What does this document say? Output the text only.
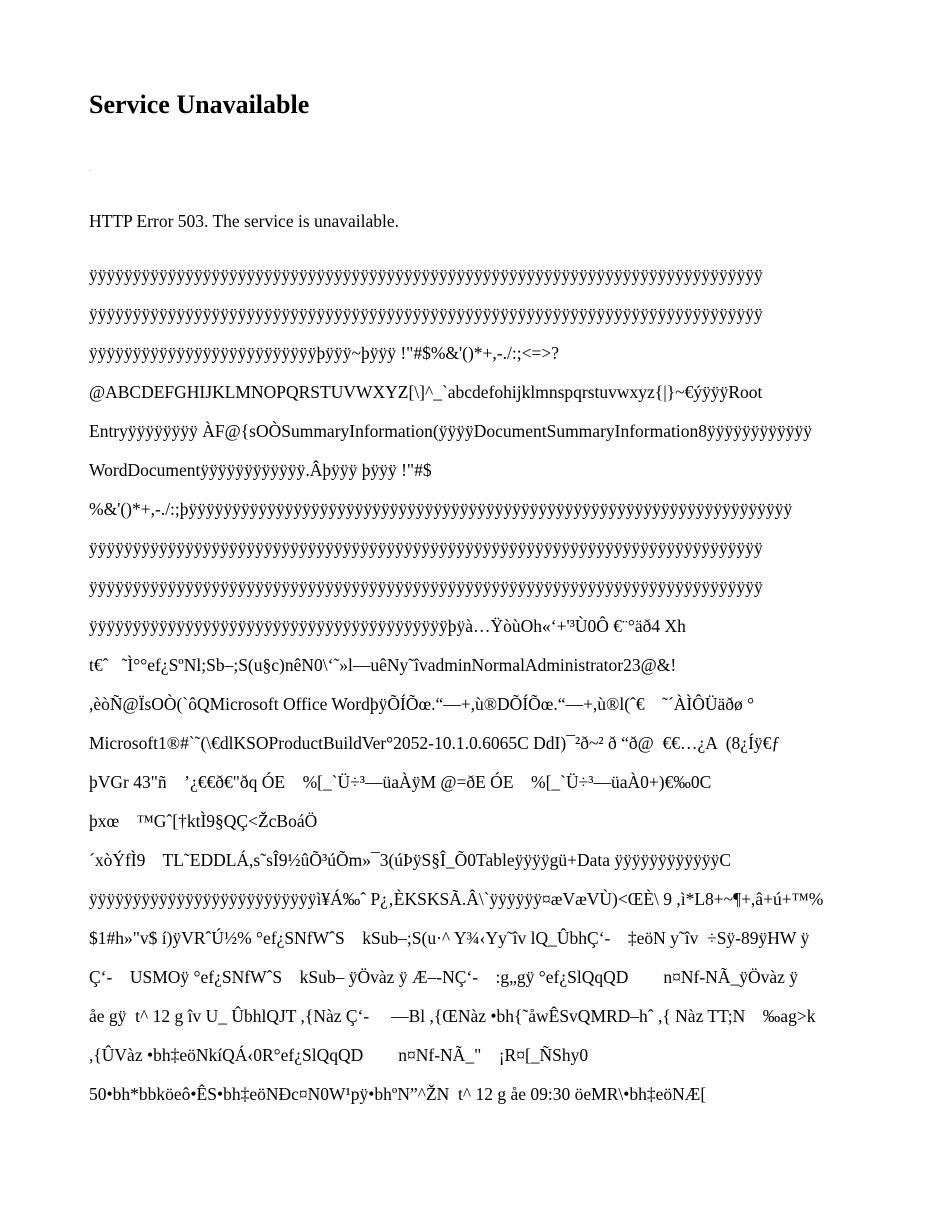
Service Unavailable

HTTP Error 503. The service is unavailable.

ÿÿÿÿÿÿÿÿÿÿÿÿÿÿÿÿÿÿÿÿÿÿÿÿÿÿÿÿÿÿÿÿÿÿÿÿÿÿÿÿÿÿÿÿÿÿÿÿÿÿÿÿÿÿÿÿÿÿÿÿÿÿÿÿÿÿÿÿÿÿÿÿÿÿÿÿÿ
ÿÿÿÿÿÿÿÿÿÿÿÿÿÿÿÿÿÿÿÿÿÿÿÿÿÿÿÿÿÿÿÿÿÿÿÿÿÿÿÿÿÿÿÿÿÿÿÿÿÿÿÿÿÿÿÿÿÿÿÿÿÿÿÿÿÿÿÿÿÿÿÿÿÿÿÿÿ
ÿÿÿÿÿÿÿÿÿÿÿÿÿÿÿÿÿÿÿÿÿÿÿÿÿÿþÿÿÿ~þÿÿÿ !"#$%&'()*+,-./:;<=>?
@ABCDEFGHIJKLMNOPQRSTUVWXYZ[\]^_`abcdefohijklmnspqrstuvwxyz{|}~€ýÿÿÿRoot
Entryÿÿÿÿÿÿÿÿ ÀF@{sOÒSummaryInformation(ÿÿÿÿDocumentSummaryInformation8ÿÿÿÿÿÿÿÿÿÿÿÿ
WordDocumentÿÿÿÿÿÿÿÿÿÿÿÿ.Âþÿÿÿ þÿÿÿ !"#$
%&'()*+,-./:;þÿÿÿÿÿÿÿÿÿÿÿÿÿÿÿÿÿÿÿÿÿÿÿÿÿÿÿÿÿÿÿÿÿÿÿÿÿÿÿÿÿÿÿÿÿÿÿÿÿÿÿÿÿÿÿÿÿÿÿÿÿÿÿÿÿÿÿÿÿ
ÿÿÿÿÿÿÿÿÿÿÿÿÿÿÿÿÿÿÿÿÿÿÿÿÿÿÿÿÿÿÿÿÿÿÿÿÿÿÿÿÿÿÿÿÿÿÿÿÿÿÿÿÿÿÿÿÿÿÿÿÿÿÿÿÿÿÿÿÿÿÿÿÿÿÿÿÿ
ÿÿÿÿÿÿÿÿÿÿÿÿÿÿÿÿÿÿÿÿÿÿÿÿÿÿÿÿÿÿÿÿÿÿÿÿÿÿÿÿÿÿÿÿÿÿÿÿÿÿÿÿÿÿÿÿÿÿÿÿÿÿÿÿÿÿÿÿÿÿÿÿÿÿÿÿÿ
ÿÿÿÿÿÿÿÿÿÿÿÿÿÿÿÿÿÿÿÿÿÿÿÿÿÿÿÿÿÿÿÿÿÿÿÿÿÿÿÿÿþÿà…ŸòùOh«‘+'³Ù0Ô €¨°äð4 Xh
t€ˆ   ˜Ì°°ef¿SºNl;Sb–;S(u§c)nêN0\‘˜»l—uêNy˜îvadminNormalAdministrator23@&!
,èòÑ@ÏsOÒ(`ôQMicrosoft Office WordþÿÕÍÕœ.“—+,ù®DÕÍÕœ.“—+,ù®l(ˆ€    ˜´ÀÌÔÜäðø °
Microsoft1®#`˜(\€dlKSOProductBuildVer°2052-10.1.0.6065C DdI)¯²ð~² ð “ð@  €€…¿A  (8¿Íÿ€ƒ
þVGr 43"ñ    ’¿€€ð€"ðq ÓE    %[_`Ü÷³—üaÀÿM @=ðE ÓE    %[_`Ü÷³—üaÀ0+)€‰0C
þxœ    ™Gˆ[†ktÌ9§QÇ<ŽcBoáÖ
´xòÝfÌ9    TL˜EDDLÁ,s˜sÎ9½ûÕ³úÕm»¯3(úÞÿS§Î_Õ0Tableÿÿÿÿgü+Data ÿÿÿÿÿÿÿÿÿÿÿÿC
ÿÿÿÿÿÿÿÿÿÿÿÿÿÿÿÿÿÿÿÿÿÿÿÿÿÿì¥Á‰ˆ P¿‚ÈKSKSÃ.Â\`ÿÿÿÿÿÿ¤æVæVÙ)<ŒÈ\ 9 ,ì*L8+~¶+,â+ú+™%
$1#h»"v$ í)ÿVRˆÚ½% °ef¿SNfWˆS    kSub–;S(u·^ Y¾‹Yy˜îv lQ_ÛbhÇ‘-    ‡eöN y˜îv  ÷Sÿ-89ÿHW ÿ
Ç‘-    USMOÿ °ef¿SNfWˆS    kSub– ÿÖvàz ÿ Æ–-NÇ‘-    :g„gÿ °ef¿SlQqQD        n¤Nf-NÃ_ÿÖvàz ÿ
åe gÿ  t^ 12 g îv U_ ÛbhlQJT ,{Nàz Ç‘-     —Bl ,{ŒNàz •bh{˜åwÊSvQMRD–hˆ ,{ Nàz TT;N    ‰ag>k
,{ÛVàz •bh‡eöNkíQÁ‹0R°ef¿SlQqQD        n¤Nf-NÃ_"    ¡R¤[_ÑShy0
50•bh*bbköeô•ÊS•bh‡eöNÐc¤N0W¹pÿ•bhºN”^ŽN  t^ 12 g åe 09:30 öeMR\•bh‡eöNÆ[
